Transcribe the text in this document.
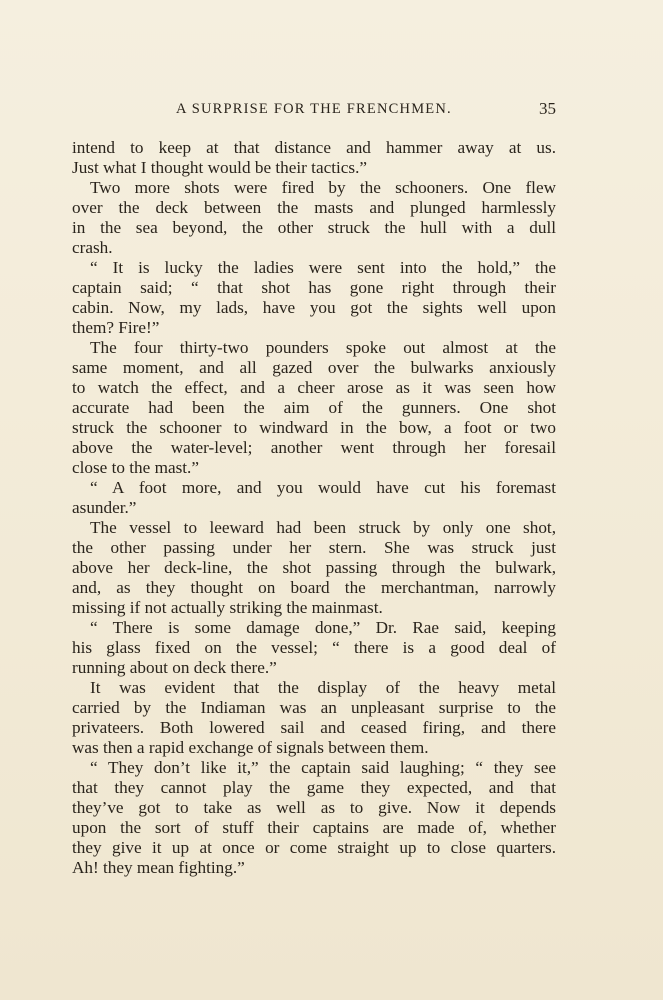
A SURPRISE FOR THE FRENCHMEN.	35
intend to keep at that distance and hammer away at us.
Just what I thought would be their tactics.”
Two more shots were fired by the schooners. One flew
over the deck between the masts and plunged harmlessly
in the sea beyond, the other struck the hull with a dull
crash.
“ It is lucky the ladies were sent into the hold,” the
captain said; “ that shot has gone right through their
cabin. Now, my lads, have you got the sights well upon
them? Fire!”
The four thirty-two pounders spoke out almost at the
same moment, and all gazed over the bulwarks anxiously
to watch the effect, and a cheer arose as it was seen how
accurate had been the aim of the gunners. One shot
struck the schooner to windward in the bow, a foot or two
above the water-level; another went through her foresail
close to the mast.”
“ A foot more, and you would have cut his foremast
asunder.”
The vessel to leeward had been struck by only one shot,
the other passing under her stern. She was struck just
above her deck-line, the shot passing through the bulwark,
and, as they thought on board the merchantman, narrowly
missing if not actually striking the mainmast.
“ There is some damage done,” Dr. Rae said, keeping
his glass fixed on the vessel; “ there is a good deal of
running about on deck there.”
It was evident that the display of the heavy metal
carried by the Indiaman was an unpleasant surprise to the
privateers. Both lowered sail and ceased firing, and there
was then a rapid exchange of signals between them.
“ They don’t like it,” the captain said laughing; “ they see
that they cannot play the game they expected, and that
they’ve got to take as well as to give. Now it depends
upon the sort of stuff their captains are made of, whether
they give it up at once or come straight up to close quarters.
Ah! they mean fighting.”
